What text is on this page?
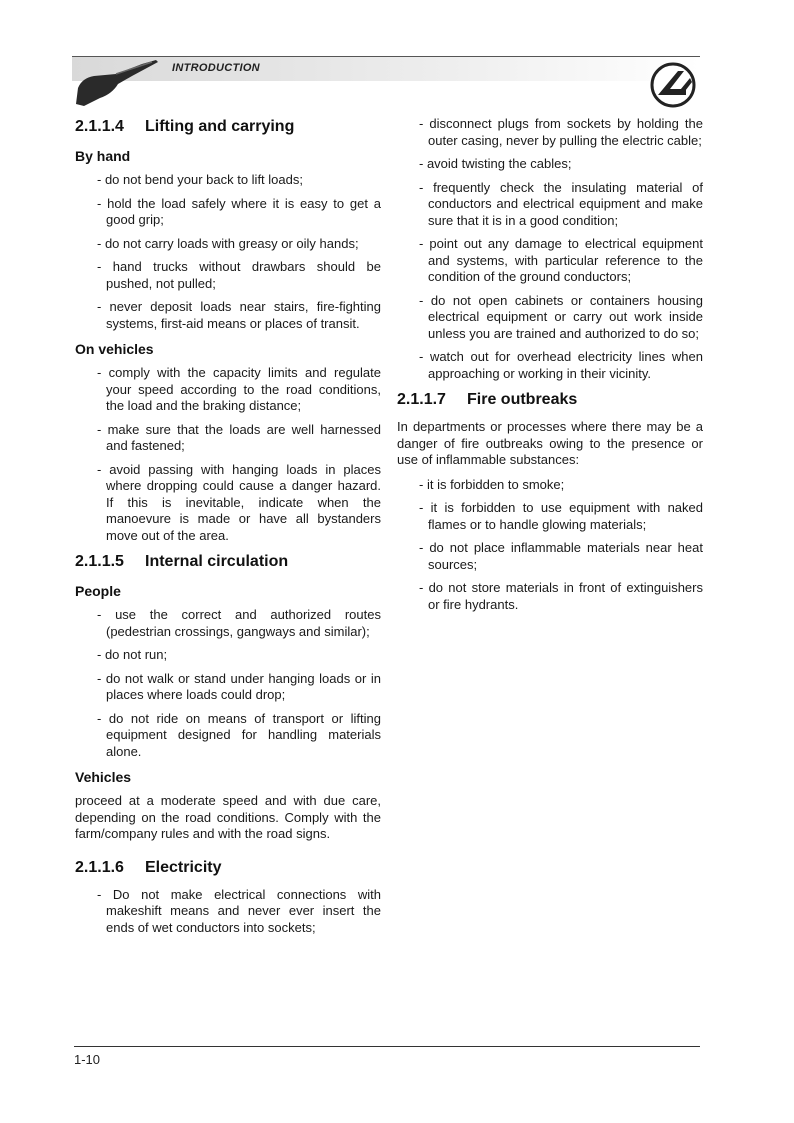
INTRODUCTION
2.1.1.4 Lifting and carrying
By hand
- do not bend your back to lift loads;
- hold the load safely where it is easy to get a good grip;
- do not carry loads with greasy or oily hands;
- hand trucks without drawbars should be pushed, not pulled;
- never deposit loads near stairs, fire-fighting systems, first-aid means or places of transit.
On vehicles
- comply with the capacity limits and regulate your speed according to the road conditions, the load and the braking distance;
- make sure that the loads are well harnessed and fastened;
- avoid passing with hanging loads in places where dropping could cause a danger hazard. If this is inevitable, indicate when the manoevure is made or have all bystanders move out of the area.
2.1.1.5 Internal circulation
People
- use the correct and authorized routes (pedestrian crossings, gangways and similar);
- do not run;
- do not walk or stand under hanging loads or in places where loads could drop;
- do not ride on means of transport or lifting equipment designed for handling materials alone.
Vehicles

proceed at a moderate speed and with due care, depending on the road conditions. Comply with the farm/company rules and with the road signs.

2.1.1.6 Electricity
- Do not make electrical connections with makeshift means and never ever insert the ends of wet conductors into sockets;
- disconnect plugs from sockets by holding the outer casing, never by pulling the electric cable;
- avoid twisting the cables;
- frequently check the insulating material of conductors and electrical equipment and make sure that it is in a good condition;
- point out any damage to electrical equipment and systems, with particular reference to the condition of the ground conductors;
- do not open cabinets or containers housing electrical equipment or carry out work inside unless you are trained and authorized to do so;
- watch out for overhead electricity lines when approaching or working in their vicinity.
2.1.1.7 Fire outbreaks

In departments or processes where there may be a danger of fire outbreaks owing to the presence or use of inflammable substances:

- it is forbidden to smoke;
- it is forbidden to use equipment with naked flames or to handle glowing materials;
- do not place inflammable materials near heat sources;
- do not store materials in front of extinguishers or fire hydrants.
1-10
